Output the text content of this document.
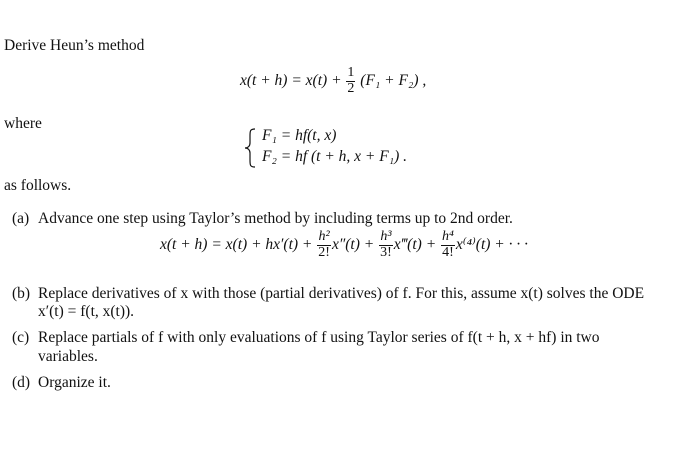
Derive Heun’s method
$x(t + h) = x(t) + \frac{1}{2} (F_1 + F_2)$ ,
where
F₁ = hf(t, x)
F₂ = hf (t + h, x + F₁) .
as follows.
(a) Advance one step using Taylor’s method by including terms up to 2nd order.
$x(t + h) = x(t) + hx'(t) + \frac{\text{h²}}{2!} x''(t) + \frac{\text{h³}}{3!}$ x‴(t) + $\frac{\text{h⁴}}{4!} x^{(4)}(t)$ + · · ·
(b) Replace derivatives of x with those (partial derivatives) of f. For this, assume x(t) solves the ODE
x′(t) = f(t, x(t)).
(c) Replace partials of f with only evaluations of f using Taylor series of f(t + h, x + hf) in two
variables.
(d) Organize it.
